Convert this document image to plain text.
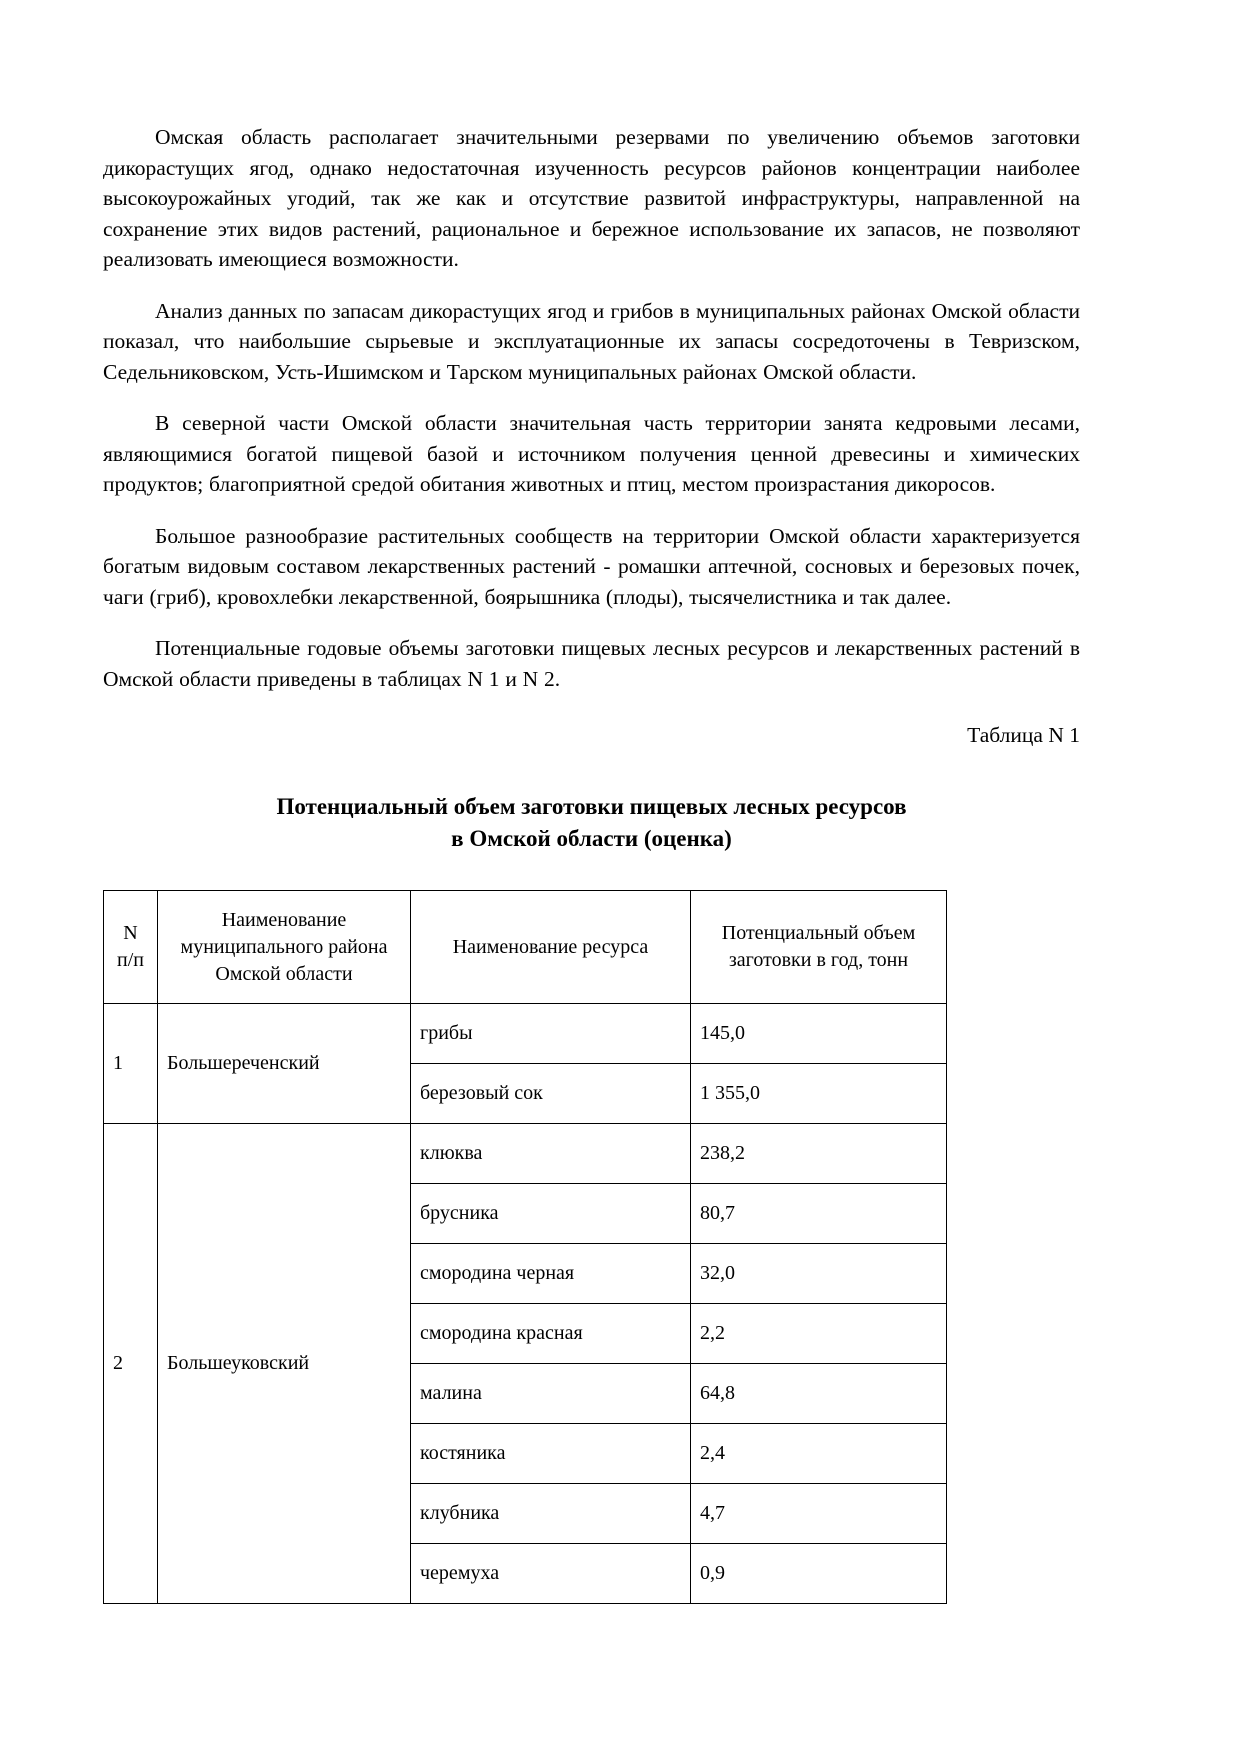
Омская область располагает значительными резервами по увеличению объемов заготовки дикорастущих ягод, однако недостаточная изученность ресурсов районов концентрации наиболее высокоурожайных угодий, так же как и отсутствие развитой инфраструктуры, направленной на сохранение этих видов растений, рациональное и бережное использование их запасов, не позволяют реализовать имеющиеся возможности.

Анализ данных по запасам дикорастущих ягод и грибов в муниципальных районах Омской области показал, что наибольшие сырьевые и эксплуатационные их запасы сосредоточены в Тевризском, Седельниковском, Усть-Ишимском и Тарском муниципальных районах Омской области.

В северной части Омской области значительная часть территории занята кедровыми лесами, являющимися богатой пищевой базой и источником получения ценной древесины и химических продуктов; благоприятной средой обитания животных и птиц, местом произрастания дикоросов.

Большое разнообразие растительных сообществ на территории Омской области характеризуется богатым видовым составом лекарственных растений - ромашки аптечной, сосновых и березовых почек, чаги (гриб), кровохлебки лекарственной, боярышника (плоды), тысячелистника и так далее.

Потенциальные годовые объемы заготовки пищевых лесных ресурсов и лекарственных растений в Омской области приведены в таблицах N 1 и N 2.

Таблица N 1
Потенциальный объем заготовки пищевых лесных ресурсов
в Омской области (оценка)
N
п/п	Наименование
муниципального района
Омской области	Наименование ресурса	Потенциальный объем
заготовки в год, тонн

1	Большереченский	грибы	145,0
		березовый сок	1 355,0
2	Большеуковский	клюква	238,2
		брусника	80,7
		смородина черная	32,0
		смородина красная	2,2
		малина	64,8
		костяника	2,4
		клубника	4,7
		черемуха	0,9
